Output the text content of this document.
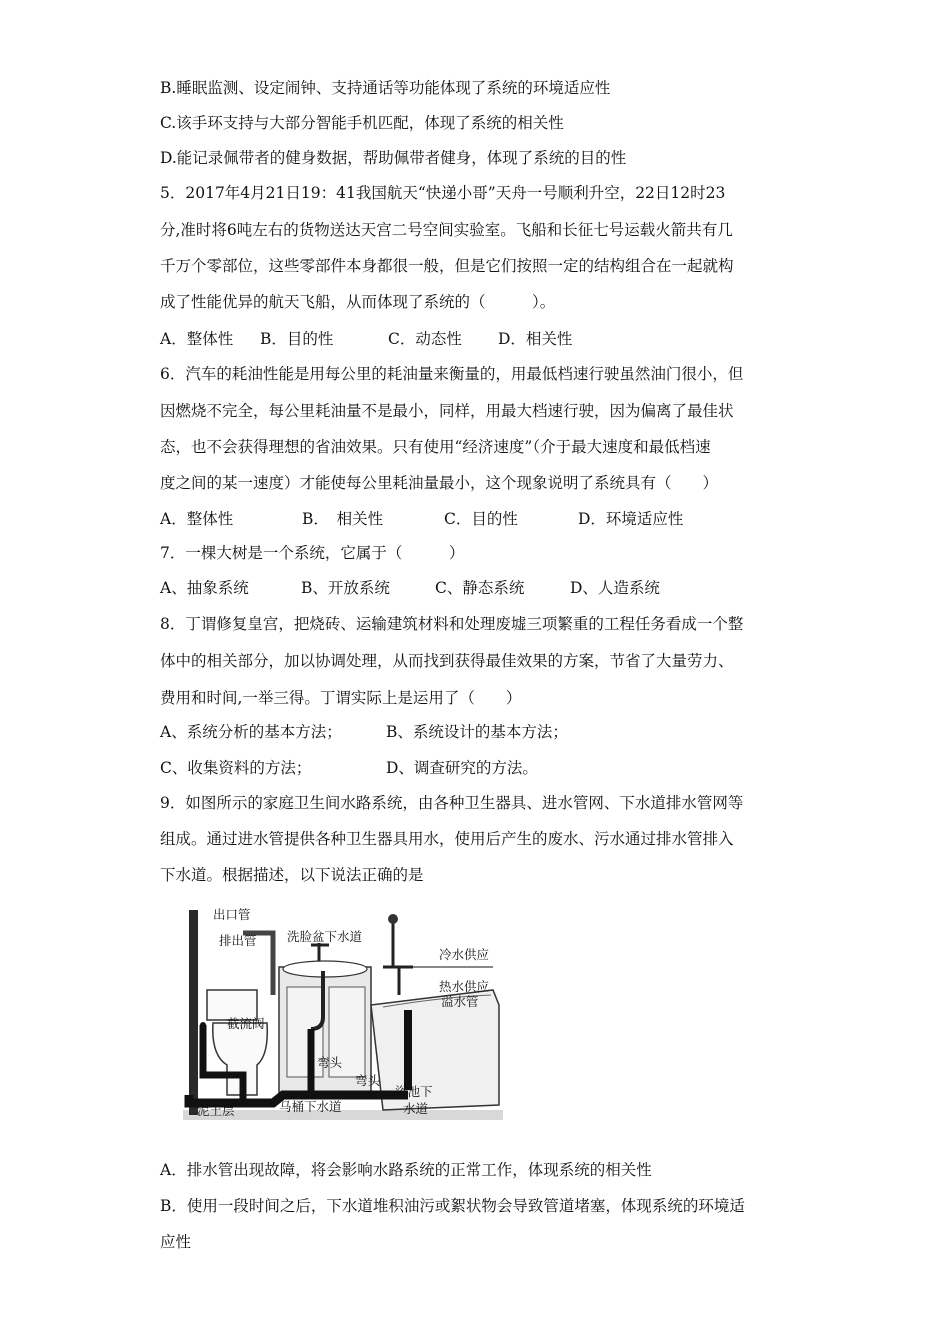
B.睡眠监测、设定闹钟、支持通话等功能体现了系统的环境适应性
C.该手环支持与大部分智能手机匹配，体现了系统的相关性
D.能记录佩带者的健身数据，帮助佩带者健身，体现了系统的目的性
5．2017年4月21日19：41我国航天“快递小哥”天舟一号顺利升空，22日12时23
分,准时将6吨左右的货物送达天宫二号空间实验室。飞船和长征七号运载火箭共有几
千万个零部位，这些零部件本身都很一般，但是它们按照一定的结构组合在一起就构
成了性能优异的航天飞船，从而体现了系统的（　　　）。
A．整体性 B．目的性	C．动态性 D．相关性
6．汽车的耗油性能是用每公里的耗油量来衡量的，用最低档速行驶虽然油门很小，但
因燃烧不完全，每公里耗油量不是最小，同样，用最大档速行驶，因为偏离了最佳状
态，也不会获得理想的省油效果。只有使用“经济速度”（介于最大速度和最低档速
度之间的某一速度）才能使每公里耗油量最小，这个现象说明了系统具有（　　）
A．整体性	B．　相关性	C．目的性	D．环境适应性
7．一棵大树是一个系统，它属于（　　　）
A、抽象系统	B、开放系统	C、静态系统	D、人造系统
8．丁谓修复皇宫，把烧砖、运输建筑材料和处理废墟三项繁重的工程任务看成一个整
体中的相关部分，加以协调处理，从而找到获得最佳效果的方案，节省了大量劳力、
费用和时间,一举三得。丁谓实际上是运用了（　　）
A、系统分析的基本方法；	B、系统设计的基本方法；
C、收集资料的方法；	D、调查研究的方法。
9．如图所示的家庭卫生间水路系统，由各种卫生器具、进水管网、下水道排水管网等
组成。通过进水管提供各种卫生器具用水，使用后产生的废水、污水通过排水管排入
下水道。根据描述，以下说法正确的是
出口管
排出管 洗脸盆下水道
冷水供应
热水供应
溢水管
截流阀
弯头
弯头
泥土层	马桶下水道
浴池下
水道
A．排水管出现故障，将会影响水路系统的正常工作，体现系统的相关性
B．使用一段时间之后，下水道堆积油污或絮状物会导致管道堵塞，体现系统的环境适
应性
